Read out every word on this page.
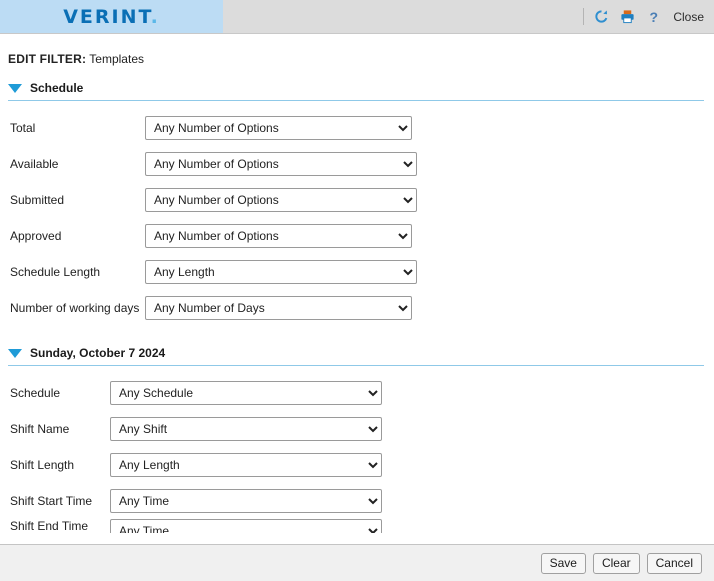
VERINT.	?	Close
EDIT FILTER: Templates
Schedule
Total
Any Number of Options
Available
Any Number of Options
Submitted
Any Number of Options
Approved
Any Number of Options
Schedule Length
Any Length
Number of working days
Any Number of Days
Sunday, October 7 2024
Schedule
Any Schedule
Shift Name
Any Shift
Shift Length
Any Length
Shift Start Time
Any Time
Shift End Time
Any Time
Save	Clear	Cancel
